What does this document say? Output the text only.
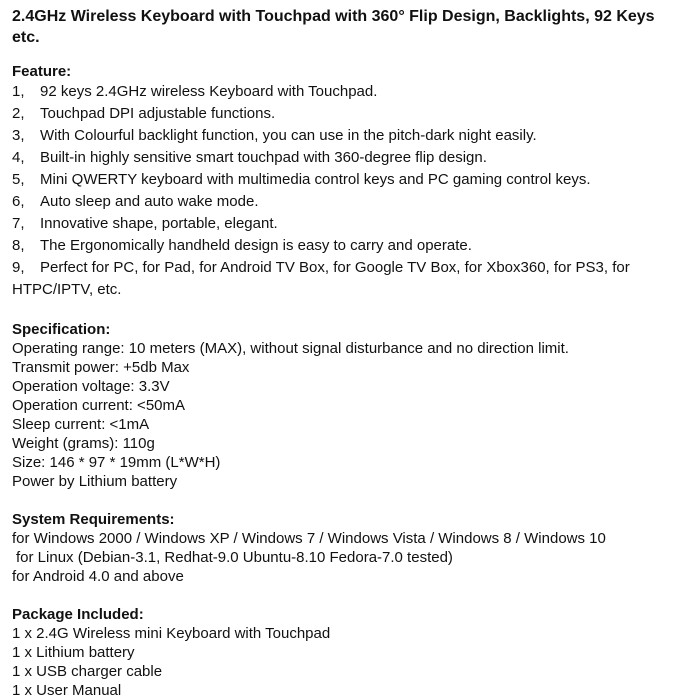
2.4GHz Wireless Keyboard with Touchpad with 360° Flip Design, Backlights, 92 Keys etc.
Feature:
1,	92 keys 2.4GHz wireless Keyboard with Touchpad.
2,	Touchpad DPI adjustable functions.
3,	With Colourful backlight function, you can use in the pitch-dark night easily.
4,	Built-in highly sensitive smart touchpad with 360-degree flip design.
5,	Mini QWERTY keyboard with multimedia control keys and PC gaming control keys.
6,	Auto sleep and auto wake mode.
7,	Innovative shape, portable, elegant.
8,	The Ergonomically handheld design is easy to carry and operate.

9, Perfect for PC, for Pad, for Android TV Box, for Google TV Box, for Xbox360, for PS3, for HTPC/IPTV, etc.

Specification:
Operating range: 10 meters (MAX), without signal disturbance and no direction limit.
Transmit power: +5db Max
Operation voltage: 3.3V
Operation current: <50mA
Sleep current: <1mA
Weight (grams): 110g
Size: 146 * 97 * 19mm (L*W*H)
Power by Lithium battery
System Requirements:
for Windows 2000 / Windows XP / Windows 7 / Windows Vista / Windows 8 / Windows 10
for Linux (Debian-3.1, Redhat-9.0 Ubuntu-8.10 Fedora-7.0 tested)
for Android 4.0 and above
Package Included:
1 x 2.4G Wireless mini Keyboard with Touchpad
1 x Lithium battery
1 x USB charger cable
1 x User Manual
